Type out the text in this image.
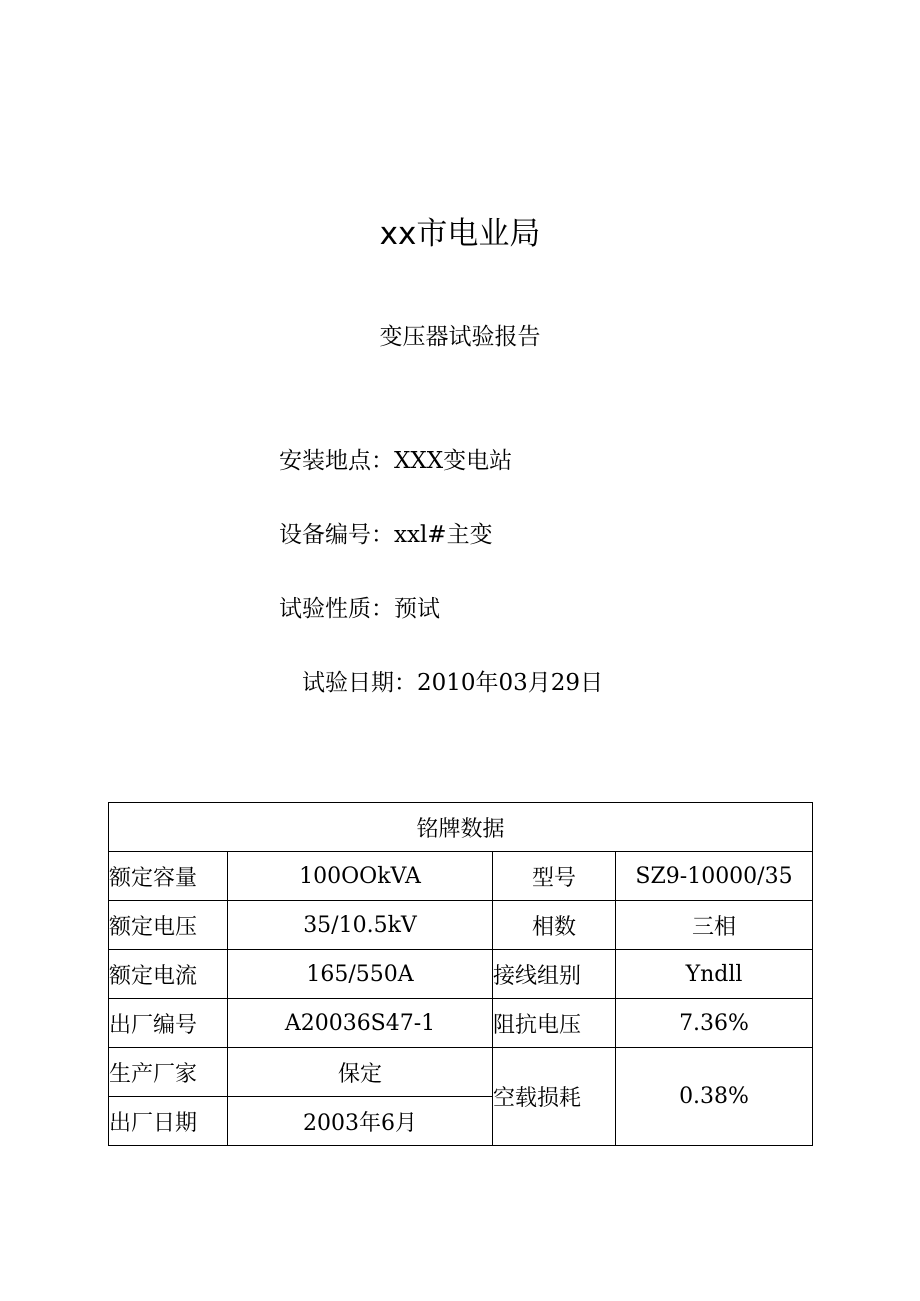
xx市电业局
变压器试验报告
安装地点：XXX变电站
设备编号：xxl#主变
试验性质：预试
试验日期：2010年03月29日
铭牌数据			
额定容量	100OOkVA	型号	SZ9-10000/35
额定电压	35/10.5kV	相数	三相
额定电流	165/550A	接线组别	Yndll
出厂编号	A20036S47-1	阻抗电压	7.36%
生产厂家	保定	空载损耗	0.38%
出厂日期	2003年6月		
